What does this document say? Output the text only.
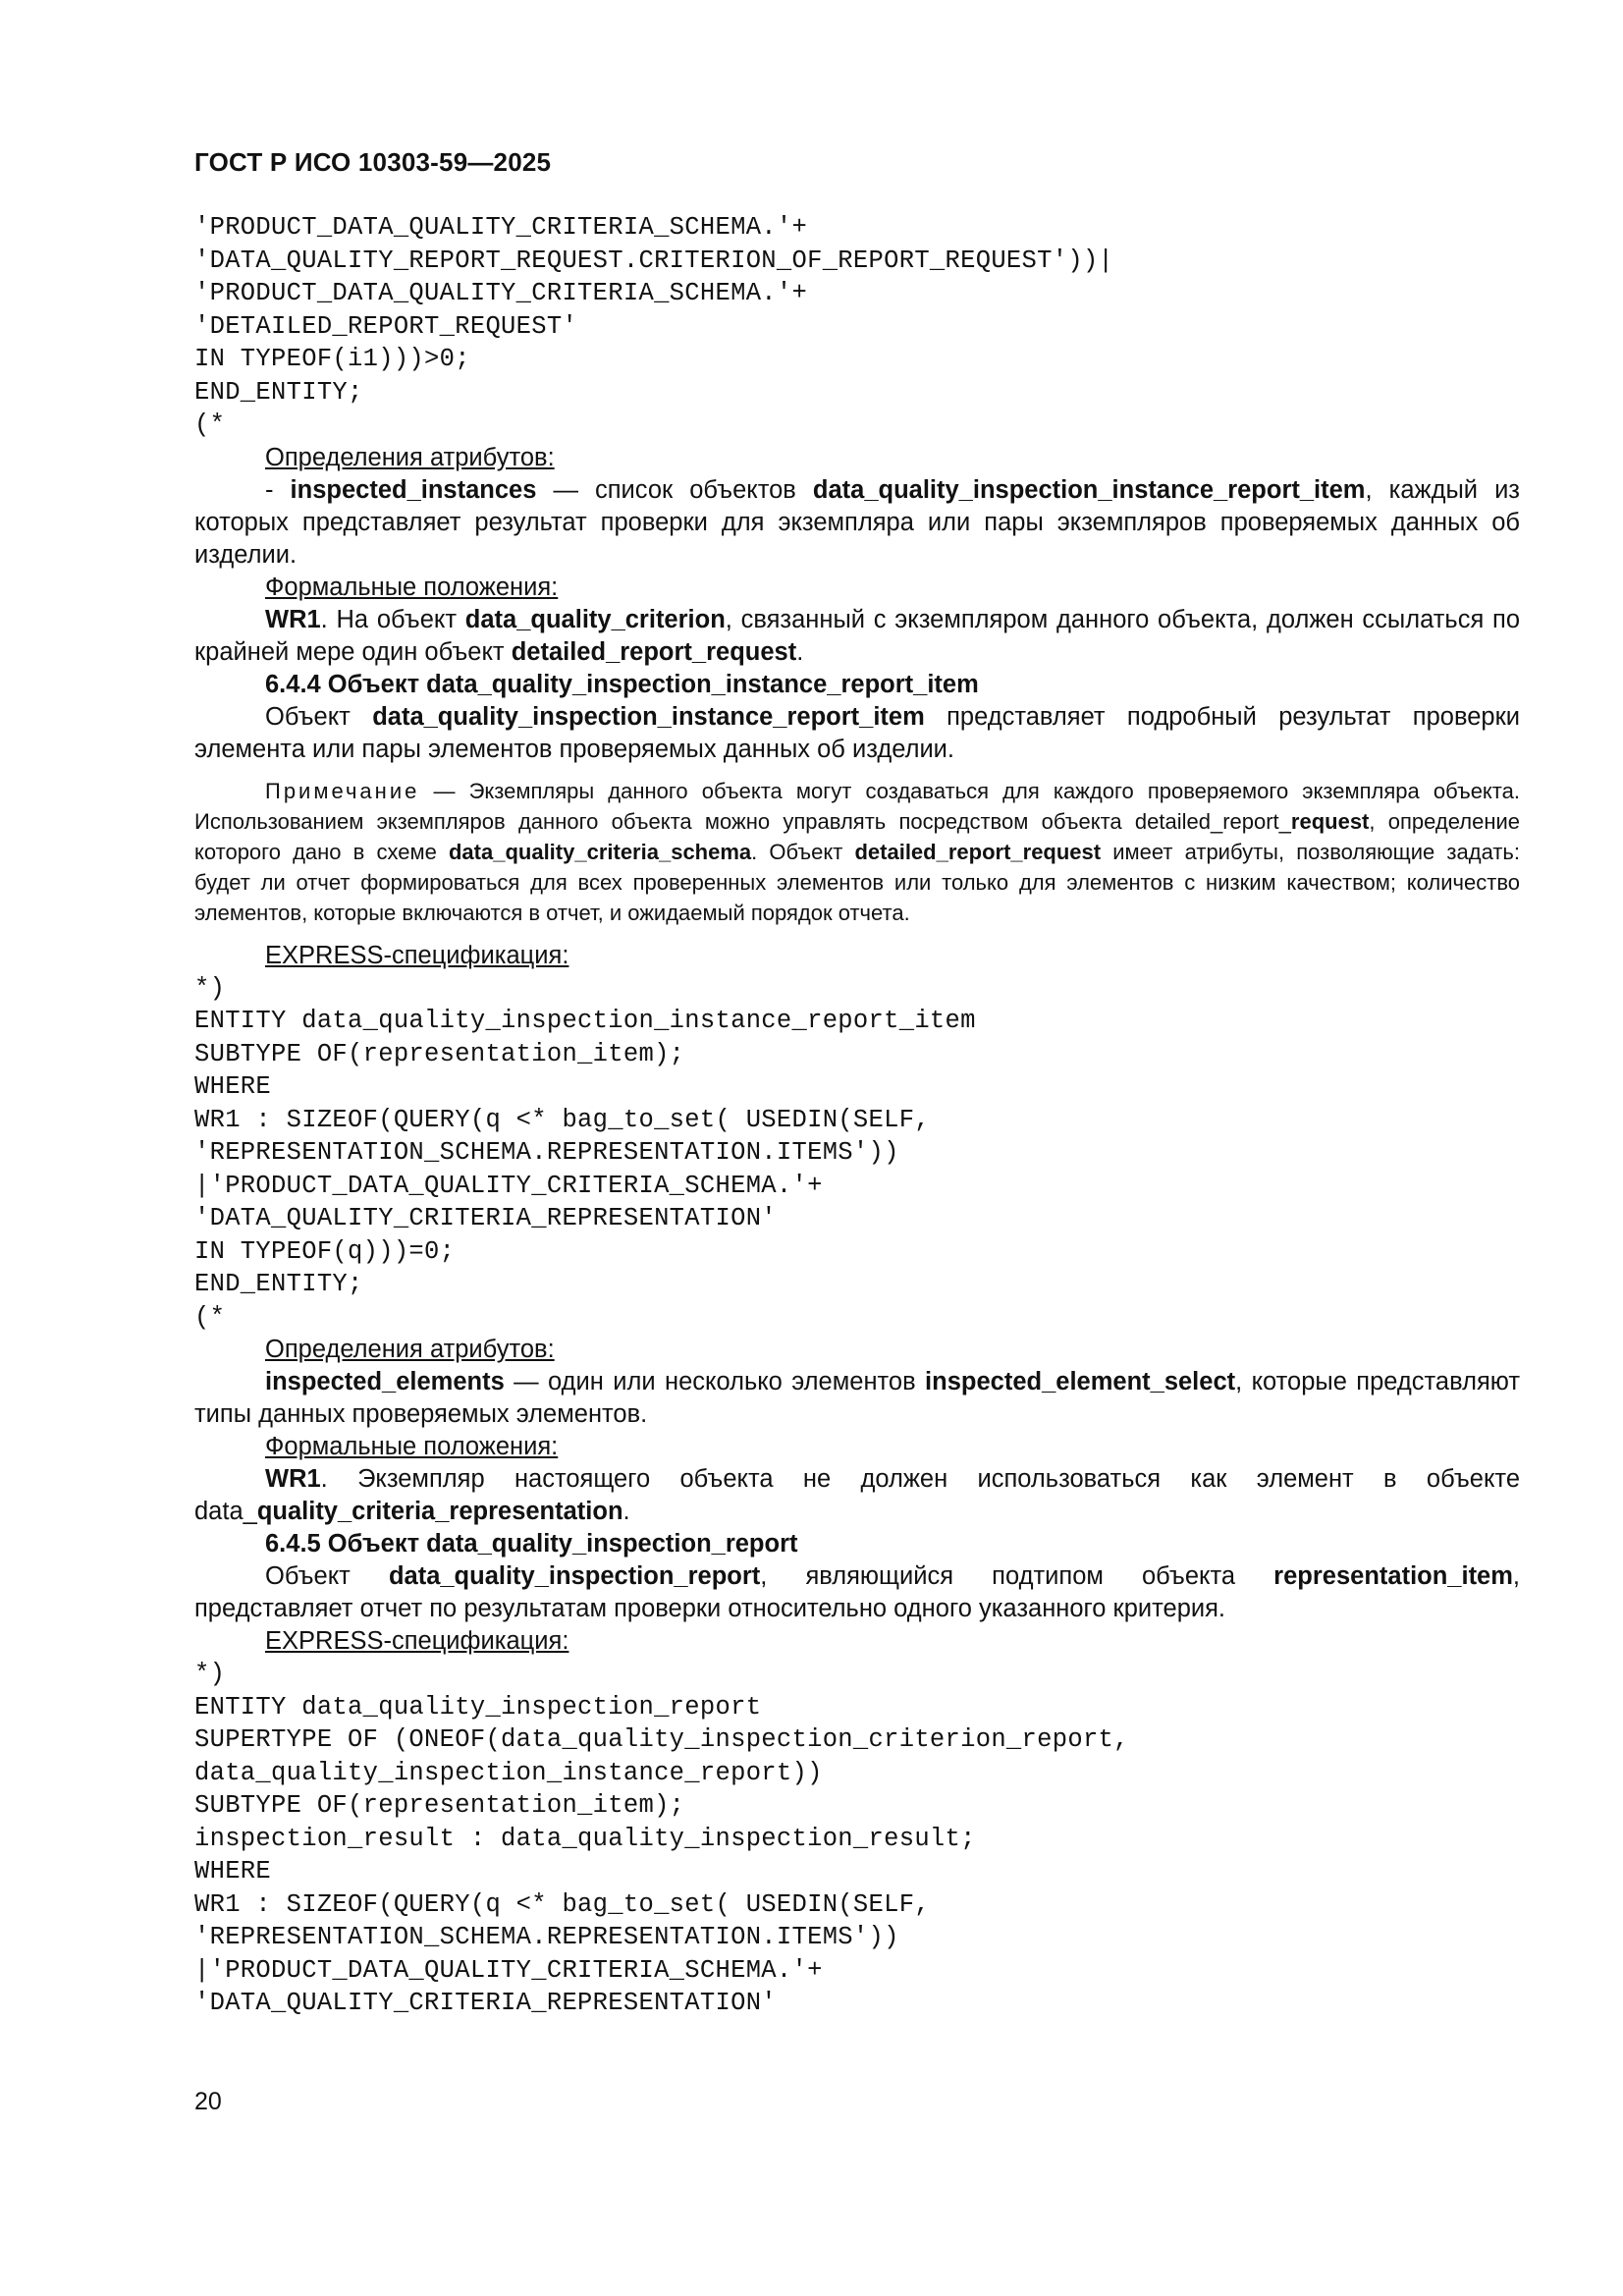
ГОСТ Р ИСО 10303-59—2025
'PRODUCT_DATA_QUALITY_CRITERIA_SCHEMA.'+
'DATA_QUALITY_REPORT_REQUEST.CRITERION_OF_REPORT_REQUEST'))|
'PRODUCT_DATA_QUALITY_CRITERIA_SCHEMA.'+
'DETAILED_REPORT_REQUEST'
IN TYPEOF(i1)))>0;
END_ENTITY;
(*
Определения атрибутов:

- inspected_instances — список объектов data_quality_inspection_instance_report_item, каждый из которых представляет результат проверки для экземпляра или пары экземпляров проверяемых данных об изделии.

Формальные положения:

WR1. На объект data_quality_criterion, связанный с экземпляром данного объекта, должен ссылаться по крайней мере один объект detailed_report_request.

6.4.4 Объект data_quality_inspection_instance_report_item

Объект data_quality_inspection_instance_report_item представляет подробный результат проверки элемента или пары элементов проверяемых данных об изделии.

Примечание — Экземпляры данного объекта могут создаваться для каждого проверяемого экземпляра объекта. Использованием экземпляров данного объекта можно управлять посредством объекта detailed_report_request, определение которого дано в схеме data_quality_criteria_schema. Объект detailed_report_request имеет атрибуты, позволяющие задать: будет ли отчет формироваться для всех проверенных элементов или только для элементов с низким качеством; количество элементов, которые включаются в отчет, и ожидаемый порядок отчета.

EXPRESS-спецификация:
*)
ENTITY data_quality_inspection_instance_report_item
SUBTYPE OF(representation_item);
WHERE
WR1 : SIZEOF(QUERY(q <* bag_to_set( USEDIN(SELF,
'REPRESENTATION_SCHEMA.REPRESENTATION.ITEMS'))
|'PRODUCT_DATA_QUALITY_CRITERIA_SCHEMA.'+
'DATA_QUALITY_CRITERIA_REPRESENTATION'
IN TYPEOF(q)))=0;
END_ENTITY;
(*
Определения атрибутов:

inspected_elements — один или несколько элементов inspected_element_select, которые представляют типы данных проверяемых элементов.

Формальные положения:

WR1. Экземпляр настоящего объекта не должен использоваться как элемент в объекте data_quality_criteria_representation.

6.4.5 Объект data_quality_inspection_report

Объект data_quality_inspection_report, являющийся подтипом объекта representation_item, представляет отчет по результатам проверки относительно одного указанного критерия.

EXPRESS-спецификация:
*)
ENTITY data_quality_inspection_report
SUPERTYPE OF (ONEOF(data_quality_inspection_criterion_report,
data_quality_inspection_instance_report))
SUBTYPE OF(representation_item);
inspection_result : data_quality_inspection_result;
WHERE
WR1 : SIZEOF(QUERY(q <* bag_to_set( USEDIN(SELF,
'REPRESENTATION_SCHEMA.REPRESENTATION.ITEMS'))
|'PRODUCT_DATA_QUALITY_CRITERIA_SCHEMA.'+
'DATA_QUALITY_CRITERIA_REPRESENTATION'
20
